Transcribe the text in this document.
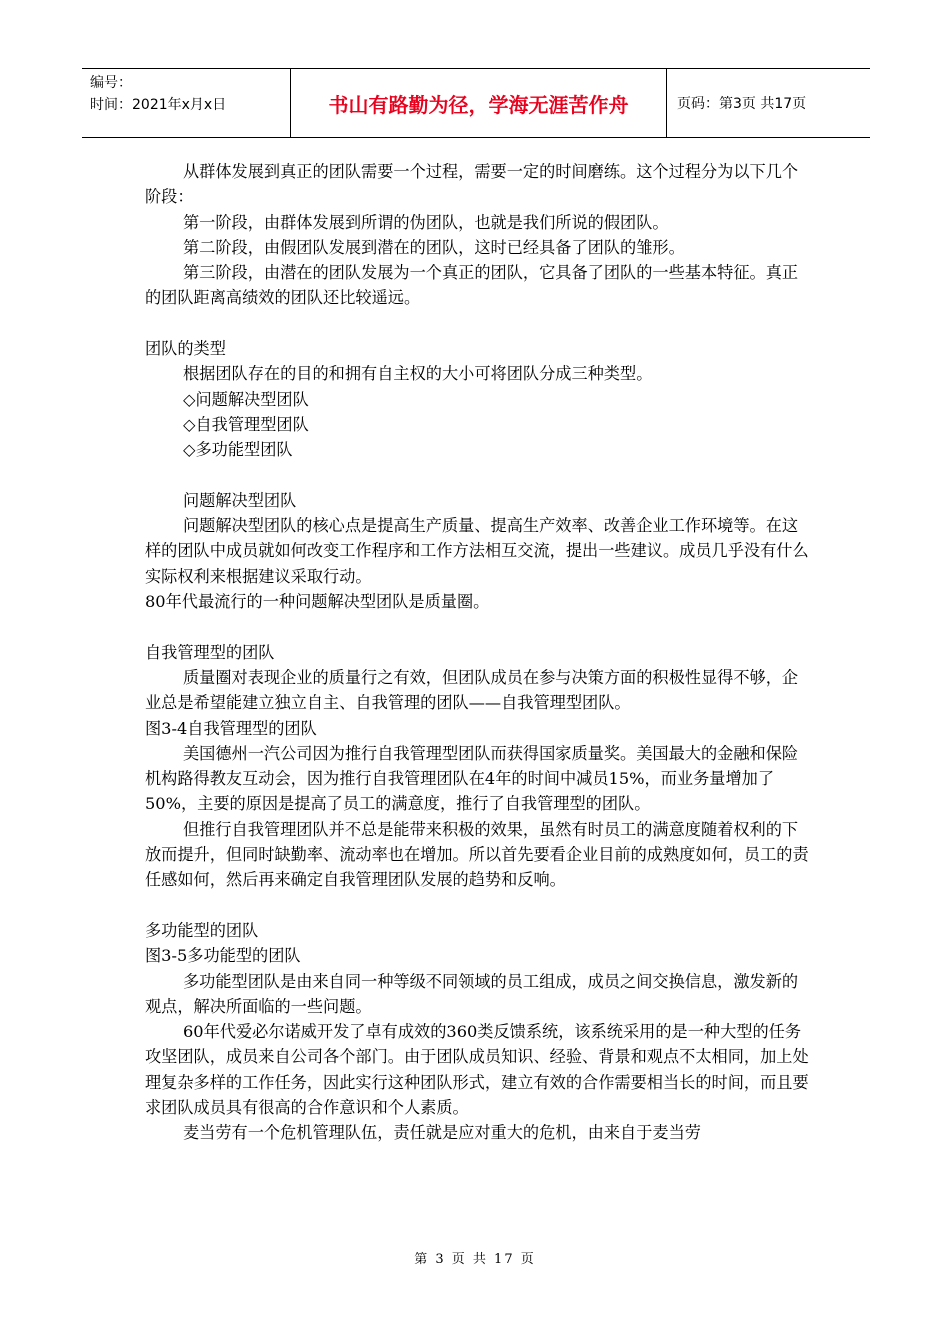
编号：
时间：2021年x月x日	书山有路勤为径，学海无涯苦作舟	页码：第3页 共17页

从群体发展到真正的团队需要一个过程，需要一定的时间磨练。这个过程分为以下几个阶段：

第一阶段，由群体发展到所谓的伪团队，也就是我们所说的假团队。

第二阶段，由假团队发展到潜在的团队，这时已经具备了团队的雏形。

第三阶段，由潜在的团队发展为一个真正的团队，它具备了团队的一些基本特征。真正的团队距离高绩效的团队还比较遥远。

团队的类型

根据团队存在的目的和拥有自主权的大小可将团队分成三种类型。

◇问题解决型团队

◇自我管理型团队

◇多功能型团队

问题解决型团队

问题解决型团队的核心点是提高生产质量、提高生产效率、改善企业工作环境等。在这样的团队中成员就如何改变工作程序和工作方法相互交流，提出一些建议。成员几乎没有什么实际权利来根据建议采取行动。

80年代最流行的一种问题解决型团队是质量圈。

自我管理型的团队

质量圈对表现企业的质量行之有效，但团队成员在参与决策方面的积极性显得不够，企业总是希望能建立独立自主、自我管理的团队——自我管理型团队。

图3-4自我管理型的团队

美国德州一汽公司因为推行自我管理型团队而获得国家质量奖。美国最大的金融和保险机构路得教友互动会，因为推行自我管理团队在4年的时间中减员15%，而业务量增加了50%，主要的原因是提高了员工的满意度，推行了自我管理型的团队。

但推行自我管理团队并不总是能带来积极的效果，虽然有时员工的满意度随着权利的下放而提升，但同时缺勤率、流动率也在增加。所以首先要看企业目前的成熟度如何，员工的责任感如何，然后再来确定自我管理团队发展的趋势和反响。

多功能型的团队

图3-5多功能型的团队

多功能型团队是由来自同一种等级不同领域的员工组成，成员之间交换信息，激发新的观点，解决所面临的一些问题。

60年代爱必尔诺威开发了卓有成效的360类反馈系统，该系统采用的是一种大型的任务攻坚团队，成员来自公司各个部门。由于团队成员知识、经验、背景和观点不太相同，加上处理复杂多样的工作任务，因此实行这种团队形式，建立有效的合作需要相当长的时间，而且要求团队成员具有很高的合作意识和个人素质。

麦当劳有一个危机管理队伍，责任就是应对重大的危机，由来自于麦当劳

第 3 页 共 17 页
